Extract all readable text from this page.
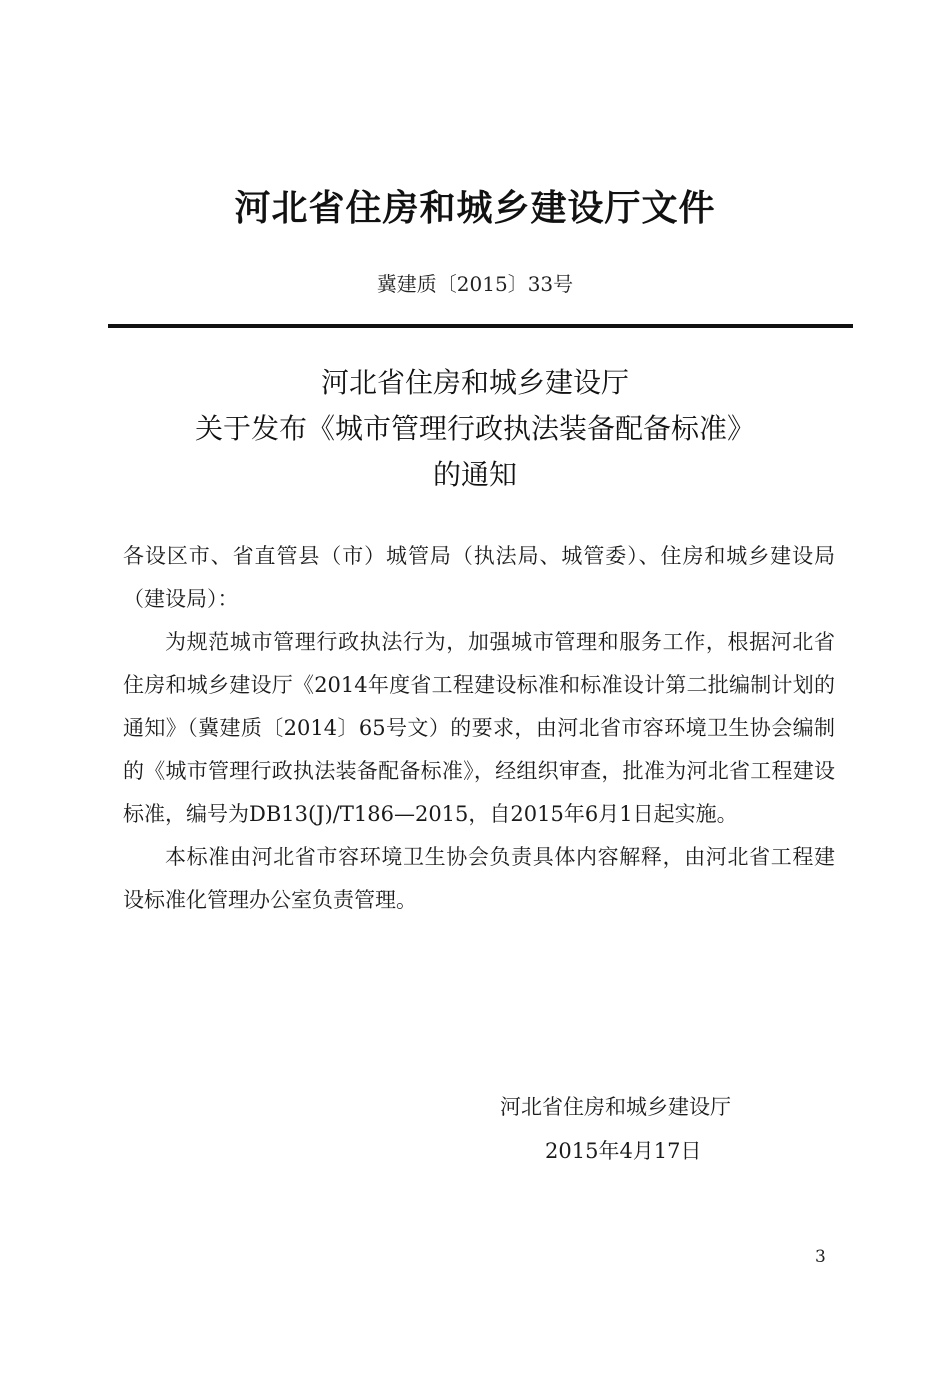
河北省住房和城乡建设厅文件
冀建质〔2015〕33号
河北省住房和城乡建设厅
关于发布《城市管理行政执法装备配备标准》
的通知

各设区市、省直管县（市）城管局（执法局、城管委）、住房和城乡建设局（建设局）：

为规范城市管理行政执法行为，加强城市管理和服务工作，根据河北省住房和城乡建设厅《2014年度省工程建设标准和标准设计第二批编制计划的通知》（冀建质〔2014〕65号文）的要求，由河北省市容环境卫生协会编制的《城市管理行政执法装备配备标准》，经组织审查，批准为河北省工程建设标准，编号为DB13(J)/T186—2015，自2015年6月1日起实施。

本标准由河北省市容环境卫生协会负责具体内容解释，由河北省工程建设标准化管理办公室负责管理。

河北省住房和城乡建设厅
2015年4月17日
3
